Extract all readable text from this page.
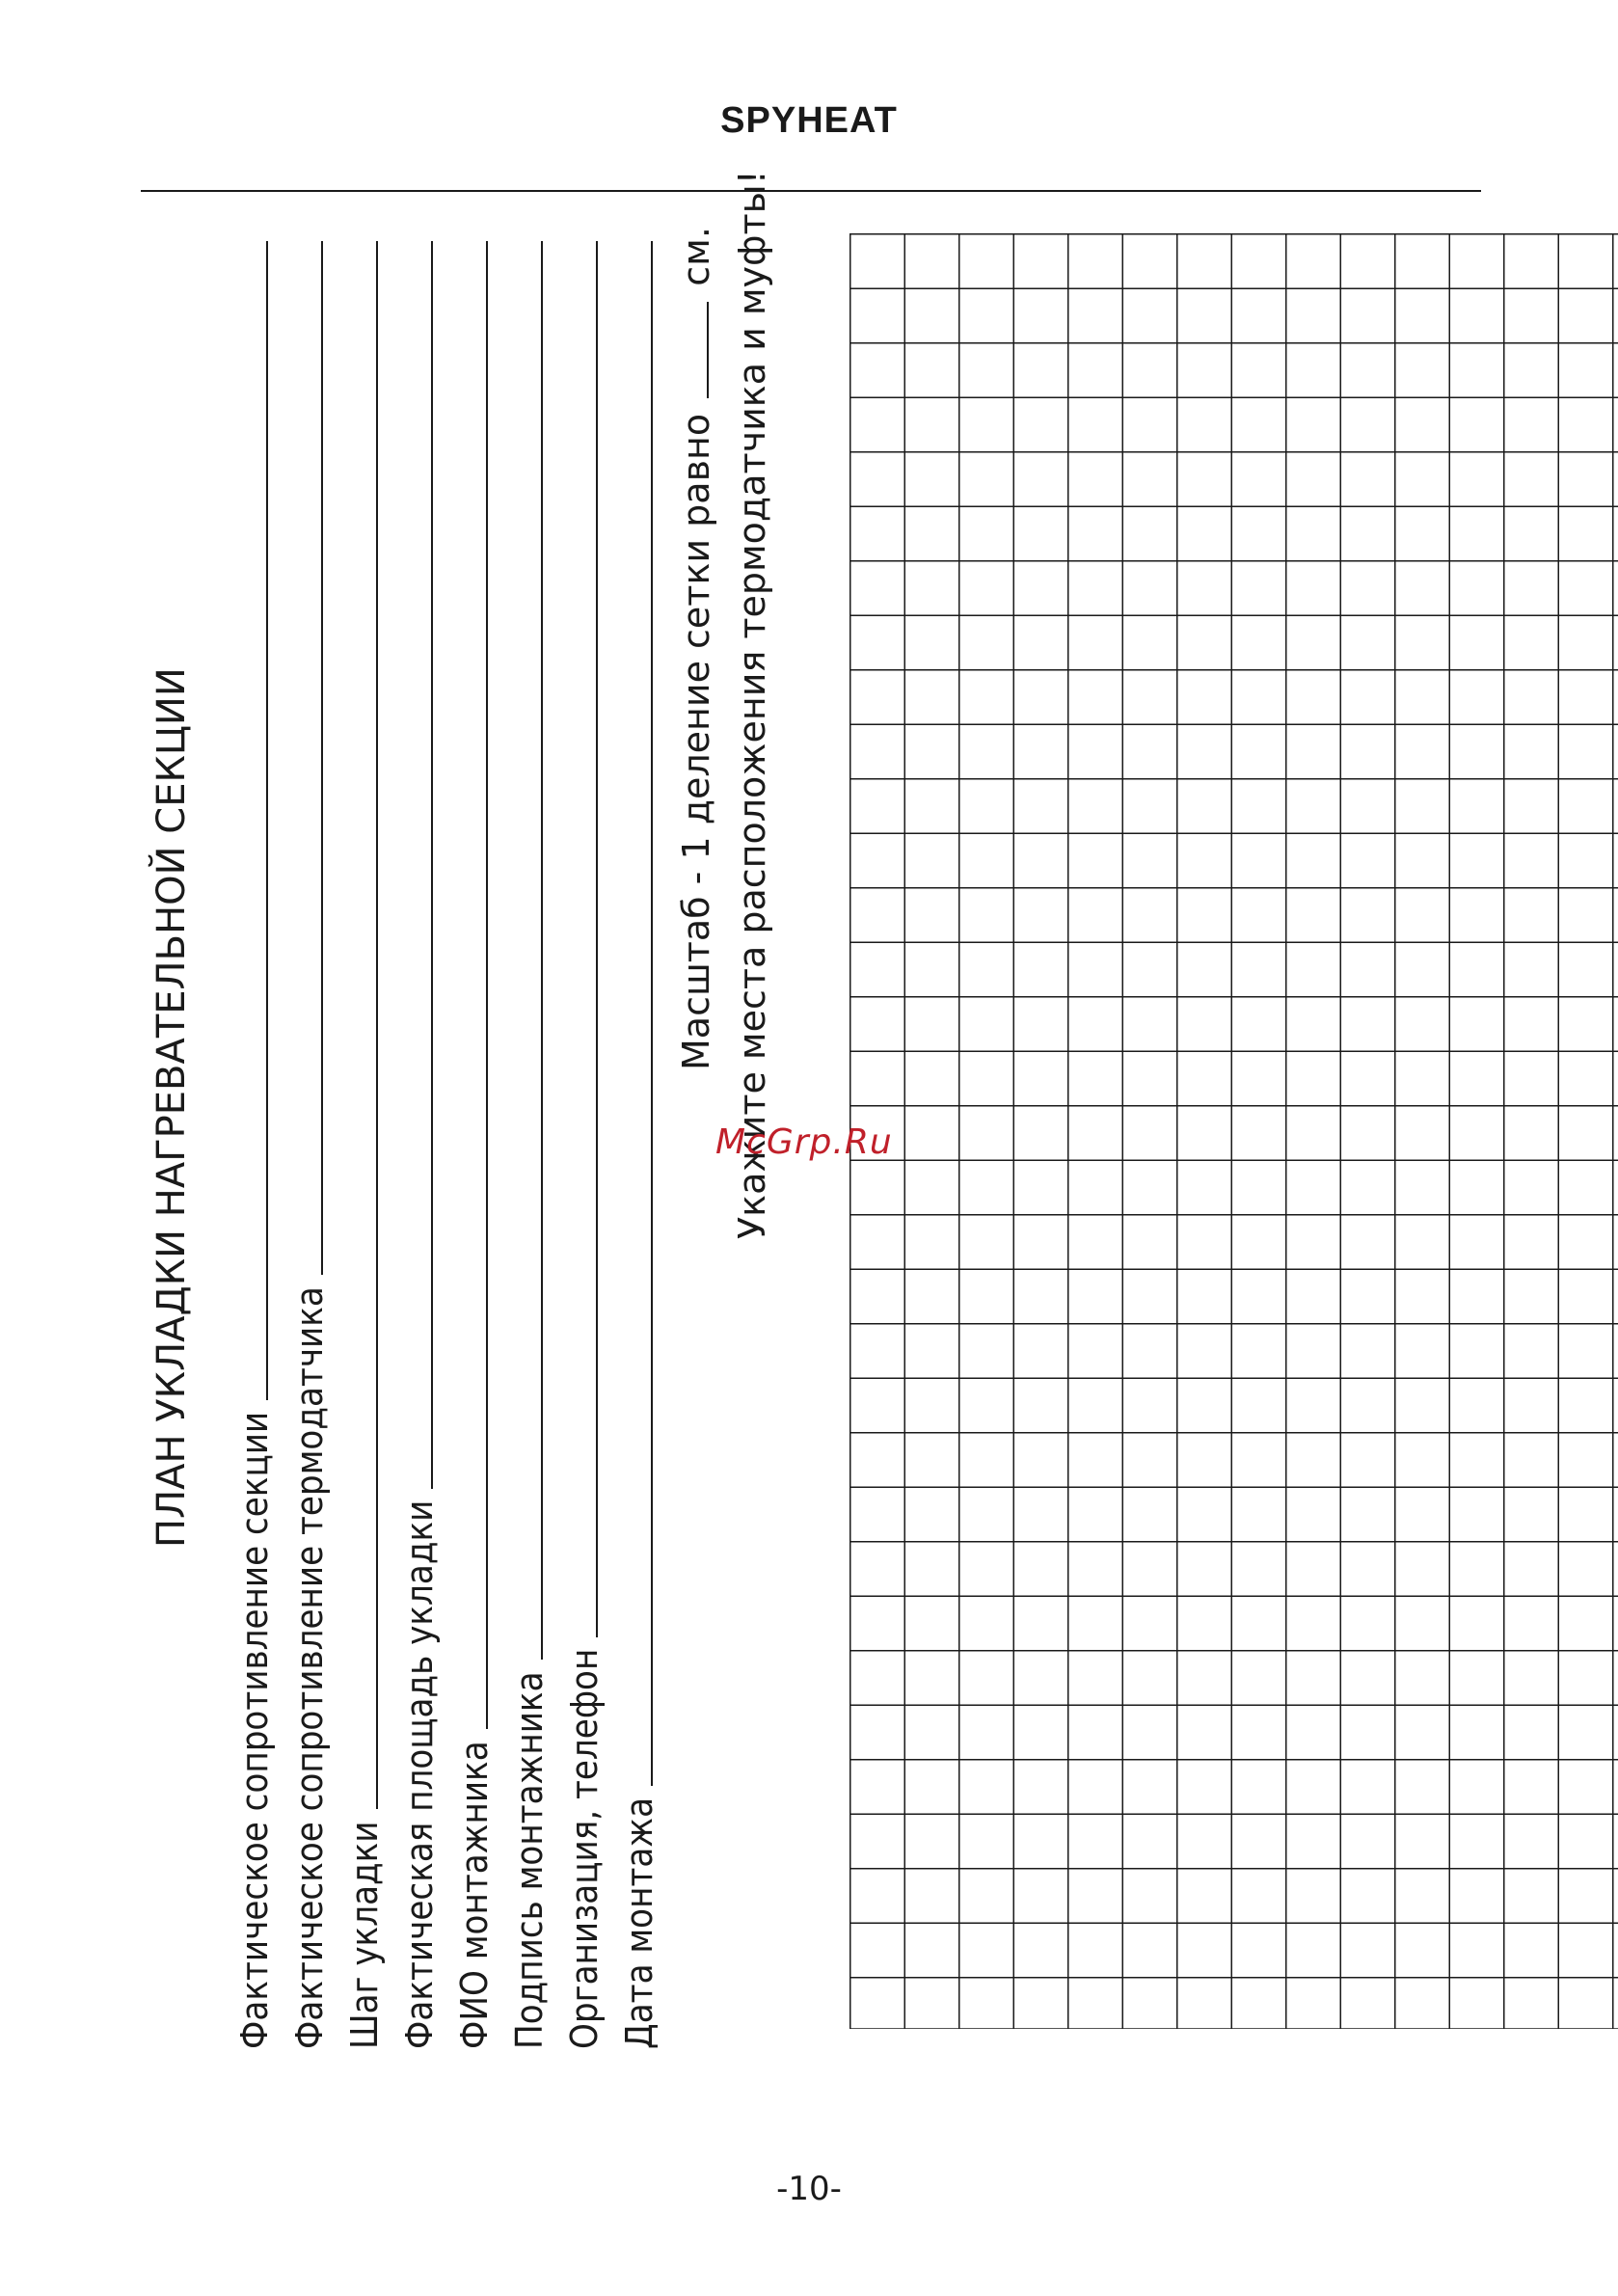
SPYHEAT
ПЛАН УКЛАДКИ НАГРЕВАТЕЛЬНОЙ СЕКЦИИ
Фактическое сопротивление секции Фактическое сопротивление термодатчика Шаг укладки Фактическая площадь укладки ФИО монтажника Подпись монтажника Организация, телефон Дата монтажа
Масштаб - 1 деление сетки равно  см. Укажите места расположения термодатчика и муфты!
McGrp.Ru
-10-
